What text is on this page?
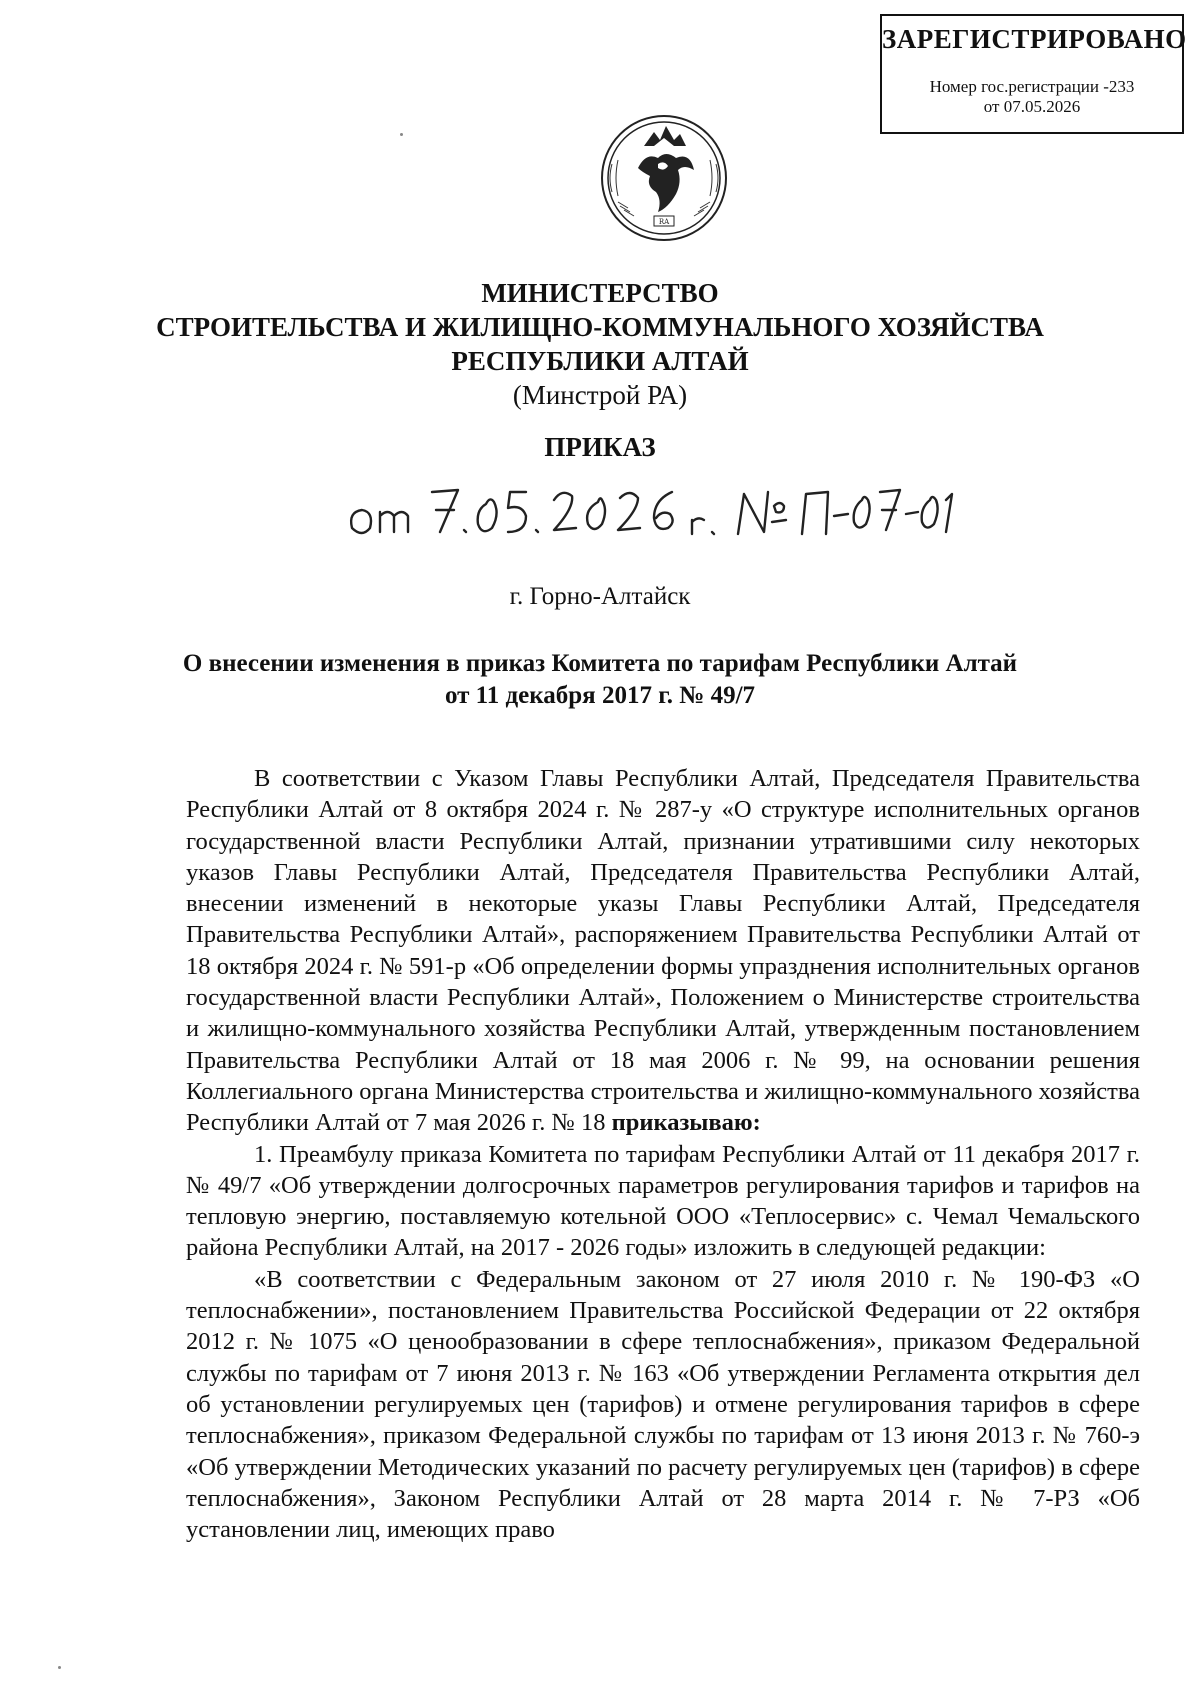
ЗАРЕГИСТРИРОВАНО
Номер гос.регистрации -233
от 07.05.2026
RA
МИНИСТЕРСТВО
СТРОИТЕЛЬСТВА И ЖИЛИЩНО-КОММУНАЛЬНОГО ХОЗЯЙСТВА
РЕСПУБЛИКИ АЛТАЙ
(Минстрой РА)
ПРИКАЗ
г. Горно-Алтайск
О внесении изменения в приказ Комитета по тарифам Республики Алтай
от 11 декабря 2017 г. № 49/7

В соответствии с Указом Главы Республики Алтай, Председателя Правительства Республики Алтай от 8 октября 2024 г. № 287-у «О структуре исполнительных органов государственной власти Республики Алтай, признании утратившими силу некоторых указов Главы Республики Алтай, Председателя Правительства Республики Алтай, внесении изменений в некоторые указы Главы Республики Алтай, Председателя Правительства Республики Алтай», распоряжением Правительства Республики Алтай от 18 октября 2024 г. № 591-р «Об определении формы упразднения исполнительных органов государственной власти Республики Алтай», Положением о Министерстве строительства и жилищно-коммунального хозяйства Республики Алтай, утвержденным постановлением Правительства Республики Алтай от 18 мая 2006 г. № 99, на основании решения Коллегиального органа Министерства строительства и жилищно-коммунального хозяйства Республики Алтай от 7 мая 2026 г. № 18 приказываю:

1. Преамбулу приказа Комитета по тарифам Республики Алтай от 11 декабря 2017 г. № 49/7 «Об утверждении долгосрочных параметров регулирования тарифов и тарифов на тепловую энергию, поставляемую котельной ООО «Теплосервис» с. Чемал Чемальского района Республики Алтай, на 2017 - 2026 годы» изложить в следующей редакции:

«В соответствии с Федеральным законом от 27 июля 2010 г. № 190-ФЗ «О теплоснабжении», постановлением Правительства Российской Федерации от 22 октября 2012 г. № 1075 «О ценообразовании в сфере теплоснабжения», приказом Федеральной службы по тарифам от 7 июня 2013 г. № 163 «Об утверждении Регламента открытия дел об установлении регулируемых цен (тарифов) и отмене регулирования тарифов в сфере теплоснабжения», приказом Федеральной службы по тарифам от 13 июня 2013 г. № 760-э «Об утверждении Методических указаний по расчету регулируемых цен (тарифов) в сфере теплоснабжения», Законом Республики Алтай от 28 марта 2014 г. № 7-РЗ «Об установлении лиц, имеющих право
